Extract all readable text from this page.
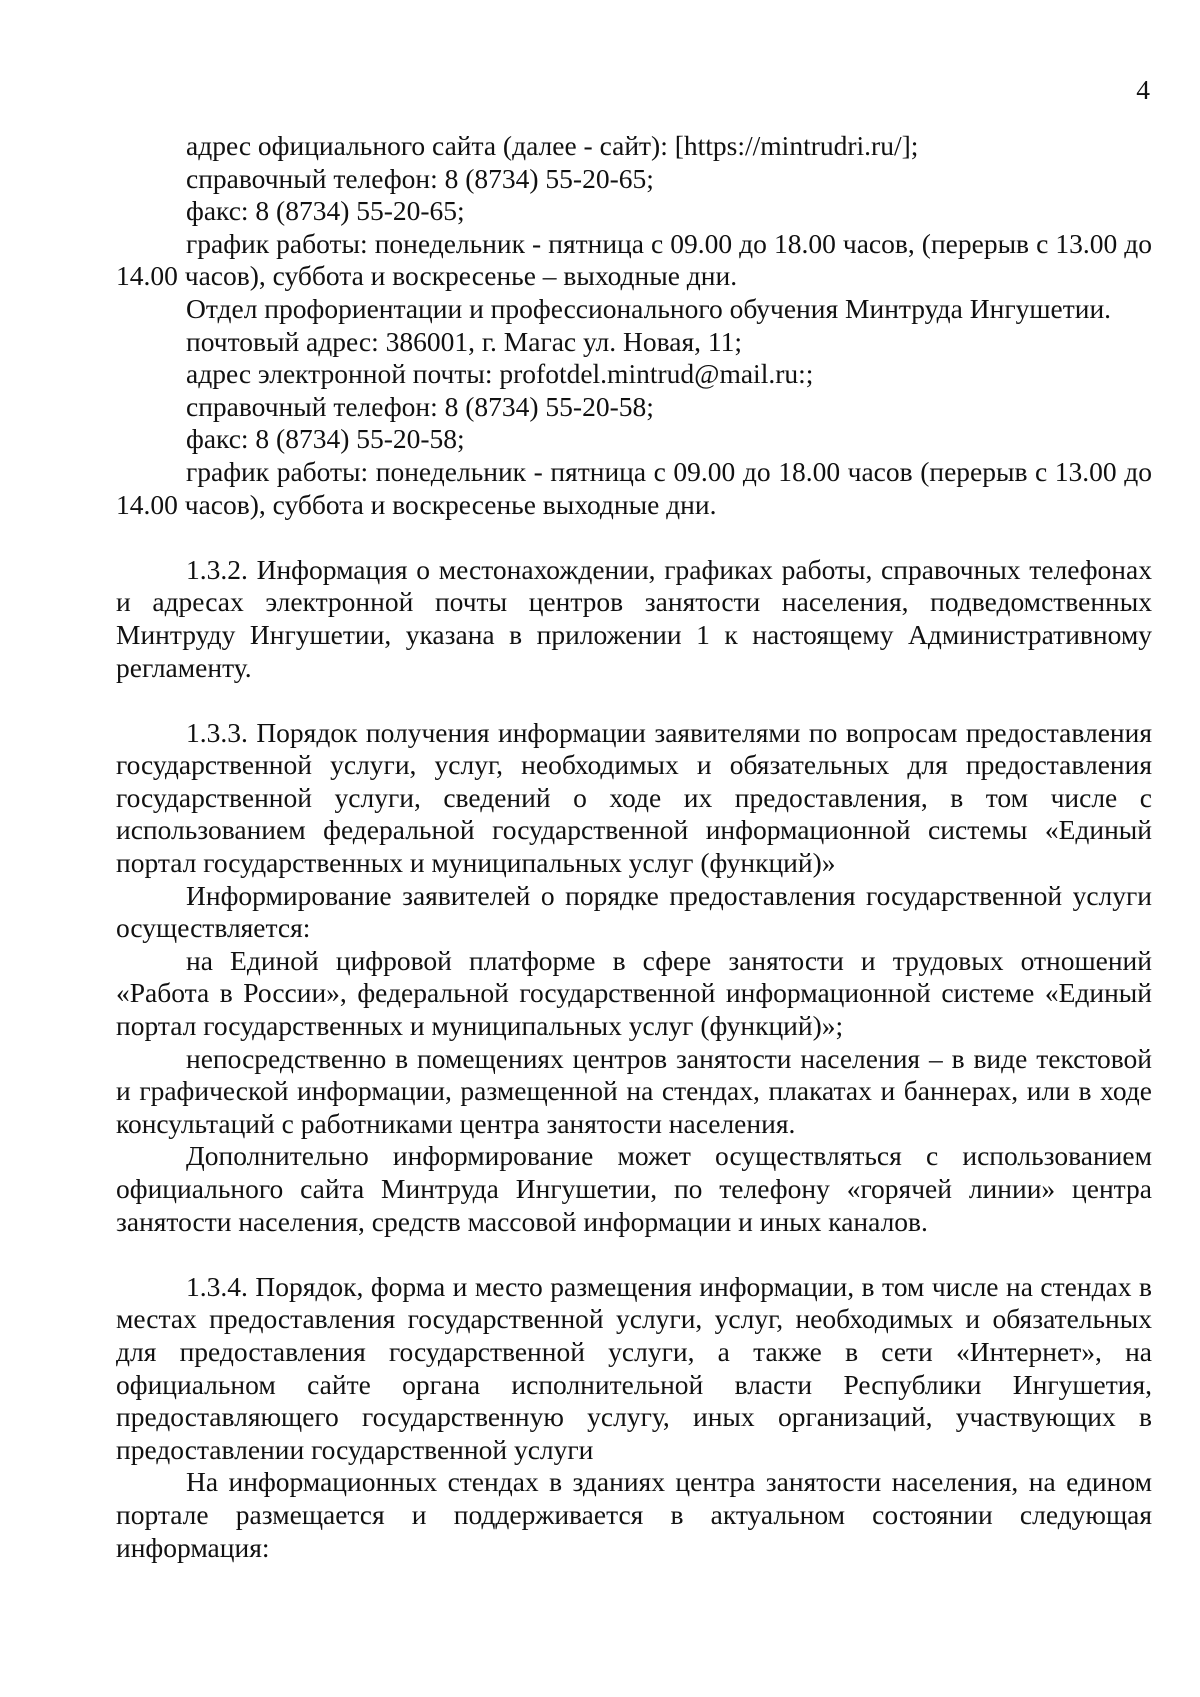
4

адрес официального сайта (далее - сайт): [https://mintrudri.ru/];

справочный телефон: 8 (8734) 55-20-65;

факс: 8 (8734) 55-20-65;

график работы: понедельник - пятница с 09.00 до 18.00 часов, (перерыв с 13.00 до 14.00 часов), суббота и воскресенье – выходные дни.

Отдел профориентации и профессионального обучения Минтруда Ингушетии.

почтовый адрес: 386001, г. Магас ул. Новая, 11;

адрес электронной почты: profotdel.mintrud@mail.ru:;

справочный телефон: 8 (8734) 55-20-58;

факс: 8 (8734) 55-20-58;

график работы: понедельник - пятница с 09.00 до 18.00 часов (перерыв с 13.00 до 14.00 часов), суббота и воскресенье выходные дни.

1.3.2. Информация о местонахождении, графиках работы, справочных телефонах и адресах электронной почты центров занятости населения, подведомственных Минтруду Ингушетии, указана в приложении 1 к настоящему Административному регламенту.

1.3.3. Порядок получения информации заявителями по вопросам предоставления государственной услуги, услуг, необходимых и обязательных для предоставления государственной услуги, сведений о ходе их предоставления, в том числе с использованием федеральной государственной информационной системы «Единый портал государственных и муниципальных услуг (функций)»

Информирование заявителей о порядке предоставления государственной услуги осуществляется:

на Единой цифровой платформе в сфере занятости и трудовых отношений «Работа в России», федеральной государственной информационной системе «Единый портал государственных и муниципальных услуг (функций)»;

непосредственно в помещениях центров занятости населения – в виде текстовой и графической информации, размещенной на стендах, плакатах и баннерах, или в ходе консультаций с работниками центра занятости населения.

Дополнительно информирование может осуществляться с использованием официального сайта Минтруда Ингушетии, по телефону «горячей линии» центра занятости населения, средств массовой информации и иных каналов.

1.3.4. Порядок, форма и место размещения информации, в том числе на стендах в местах предоставления государственной услуги, услуг, необходимых и обязательных для предоставления государственной услуги, а также в сети «Интернет», на официальном сайте органа исполнительной власти Республики Ингушетия, предоставляющего государственную услугу, иных организаций, участвующих в предоставлении государственной услуги

На информационных стендах в зданиях центра занятости населения, на едином портале размещается и поддерживается в актуальном состоянии следующая информация:
